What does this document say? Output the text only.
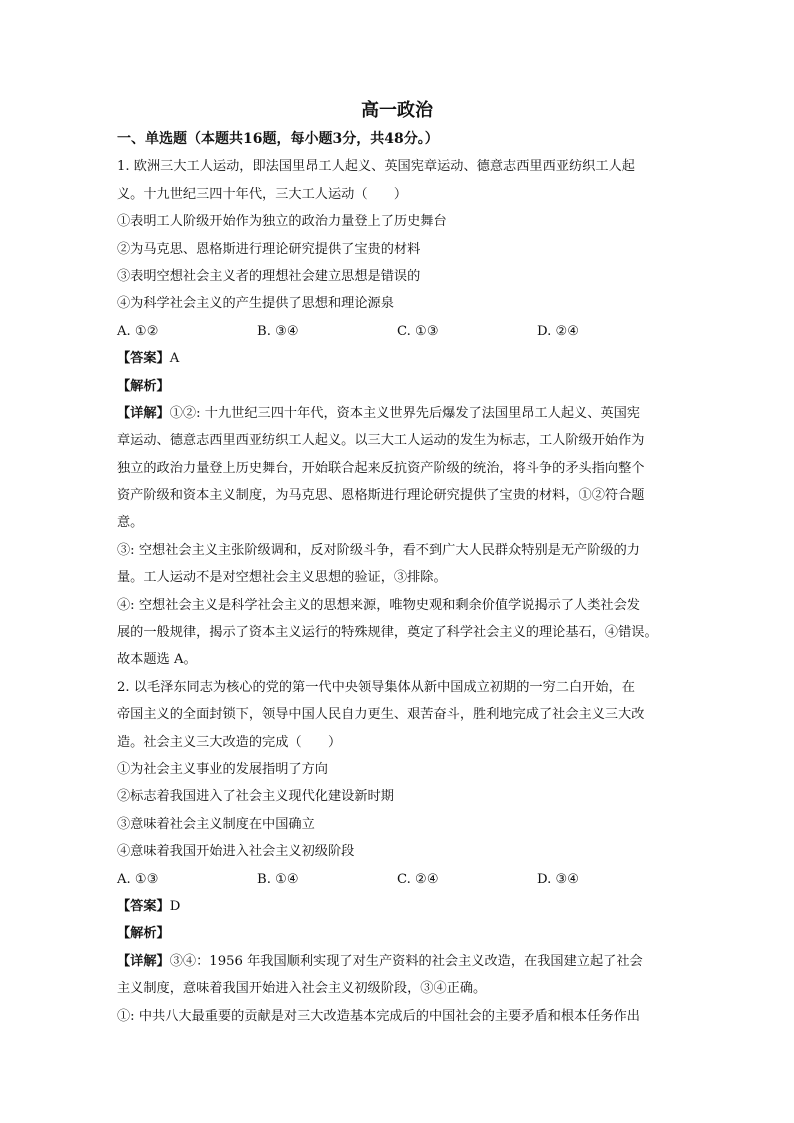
高一政治
一、单选题（本题共16题，每小题3分，共48分。）
1. 欧洲三大工人运动，即法国里昂工人起义、英国宪章运动、德意志西里西亚纺织工人起
义。十九世纪三四十年代，三大工人运动（　　）
①表明工人阶级开始作为独立的政治力量登上了历史舞台
②为马克思、恩格斯进行理论研究提供了宝贵的材料
③表明空想社会主义者的理想社会建立思想是错误的
④为科学社会主义的产生提供了思想和理论源泉
A. ①②	B. ③④	C. ①③	D. ②④
【答案】A
【解析】
【详解】①②: 十九世纪三四十年代，资本主义世界先后爆发了法国里昂工人起义、英国宪
章运动、德意志西里西亚纺织工人起义。以三大工人运动的发生为标志，工人阶级开始作为
独立的政治力量登上历史舞台，开始联合起来反抗资产阶级的统治，将斗争的矛头指向整个
资产阶级和资本主义制度，为马克思、恩格斯进行理论研究提供了宝贵的材料，①②符合题
意。
③: 空想社会主义主张阶级调和，反对阶级斗争，看不到广大人民群众特别是无产阶级的力
量。工人运动不是对空想社会主义思想的验证，③排除。
④: 空想社会主义是科学社会主义的思想来源，唯物史观和剩余价值学说揭示了人类社会发
展的一般规律，揭示了资本主义运行的特殊规律，奠定了科学社会主义的理论基石，④错误。
故本题选 A。
2. 以毛泽东同志为核心的党的第一代中央领导集体从新中国成立初期的一穷二白开始，在
帝国主义的全面封锁下，领导中国人民自力更生、艰苦奋斗，胜利地完成了社会主义三大改
造。社会主义三大改造的完成（　　）
①为社会主义事业的发展指明了方向
②标志着我国进入了社会主义现代化建设新时期
③意味着社会主义制度在中国确立
④意味着我国开始进入社会主义初级阶段
A. ①③	B. ①④	C. ②④	D. ③④
【答案】D
【解析】
【详解】③④：1956 年我国顺利实现了对生产资料的社会主义改造，在我国建立起了社会
主义制度，意味着我国开始进入社会主义初级阶段，③④正确。
①: 中共八大最重要的贡献是对三大改造基本完成后的中国社会的主要矛盾和根本任务作出
